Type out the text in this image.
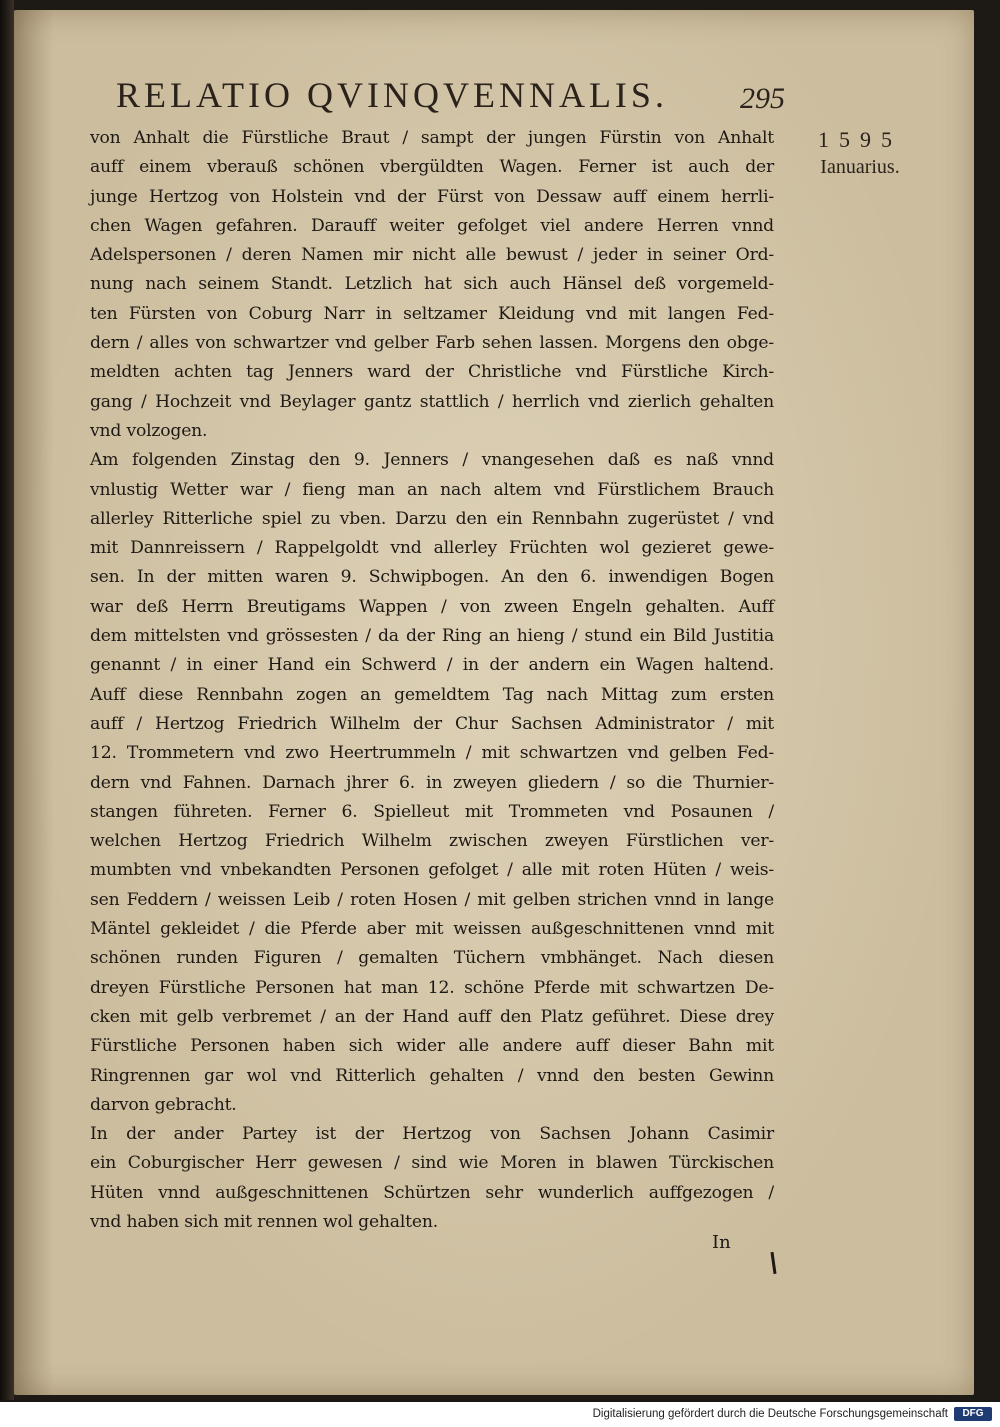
RELATIO QVINQVENNALIS. 295
1595
Ianuarius.
von Anhalt die Fürstliche Braut / sampt der jungen Fürstin von Anhalt
auff einem vberauß schönen vbergüldten Wagen. Ferner ist auch der
junge Hertzog von Holstein vnd der Fürst von Dessaw auff einem herrli-
chen Wagen gefahren. Darauff weiter gefolget viel andere Herren vnnd
Adelspersonen / deren Namen mir nicht alle bewust / jeder in seiner Ord-
nung nach seinem Standt. Letzlich hat sich auch Hänsel deß vorgemeld-
ten Fürsten von Coburg Narr in seltzamer Kleidung vnd mit langen Fed-
dern / alles von schwartzer vnd gelber Farb sehen lassen. Morgens den obge-
meldten achten tag Jenners ward der Christliche vnd Fürstliche Kirch-
gang / Hochzeit vnd Beylager gantz stattlich / herrlich vnd zierlich gehalten
vnd volzogen.
Am folgenden Zinstag den 9. Jenners / vnangesehen daß es naß vnnd
vnlustig Wetter war / fieng man an nach altem vnd Fürstlichem Brauch
allerley Ritterliche spiel zu vben. Darzu den ein Rennbahn zugerüstet / vnd
mit Dannreissern / Rappelgoldt vnd allerley Früchten wol gezieret gewe-
sen. In der mitten waren 9. Schwipbogen. An den 6. inwendigen Bogen
war deß Herrn Breutigams Wappen / von zween Engeln gehalten. Auff
dem mittelsten vnd grössesten / da der Ring an hieng / stund ein Bild Justitia
genannt / in einer Hand ein Schwerd / in der andern ein Wagen haltend.
Auff diese Rennbahn zogen an gemeldtem Tag nach Mittag zum ersten
auff / Hertzog Friedrich Wilhelm der Chur Sachsen Administrator / mit
12. Trommetern vnd zwo Heertrummeln / mit schwartzen vnd gelben Fed-
dern vnd Fahnen. Darnach jhrer 6. in zweyen gliedern / so die Thurnier-
stangen führeten. Ferner 6. Spielleut mit Trommeten vnd Posaunen /
welchen Hertzog Friedrich Wilhelm zwischen zweyen Fürstlichen ver-
mumbten vnd vnbekandten Personen gefolget / alle mit roten Hüten / weis-
sen Feddern / weissen Leib / roten Hosen / mit gelben strichen vnnd in lange
Mäntel gekleidet / die Pferde aber mit weissen außgeschnittenen vnnd mit
schönen runden Figuren / gemalten Tüchern vmbhänget. Nach diesen
dreyen Fürstliche Personen hat man 12. schöne Pferde mit schwartzen De-
cken mit gelb verbremet / an der Hand auff den Platz geführet. Diese drey
Fürstliche Personen haben sich wider alle andere auff dieser Bahn mit
Ringrennen gar wol vnd Ritterlich gehalten / vnnd den besten Gewinn
darvon gebracht.
In der ander Partey ist der Hertzog von Sachsen Johann Casimir
ein Coburgischer Herr gewesen / sind wie Moren in blawen Türckischen
Hüten vnnd außgeschnittenen Schürtzen sehr wunderlich auffgezogen /
vnd haben sich mit rennen wol gehalten.
In
Digitalisierung gefördert durch die Deutsche Forschungsgemeinschaft	DFG
